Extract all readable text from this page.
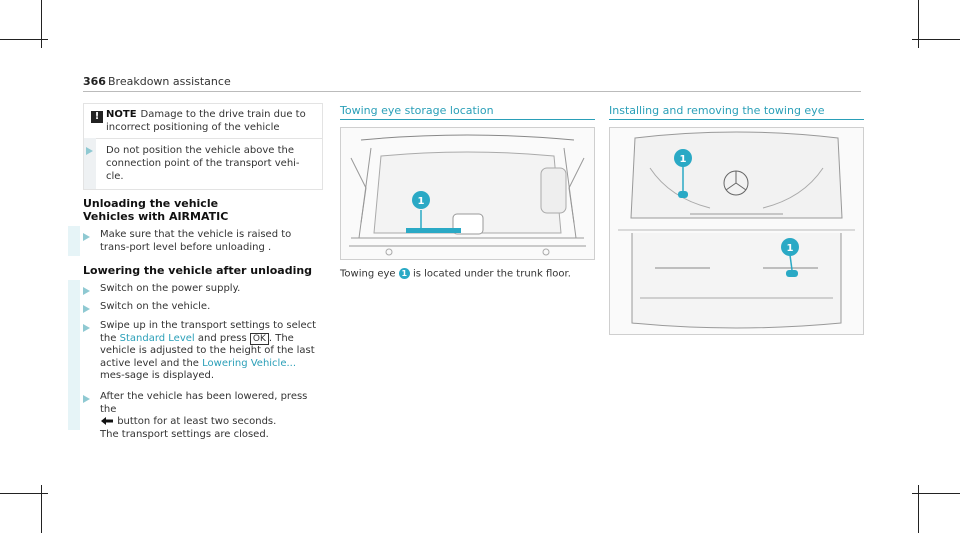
366 Breakdown assistance
! NOTE Damage to the drive train due to incorrect positioning of the vehicle
Do not position the vehicle above the connection point of the transport vehi-cle.
Unloading the vehicle
Vehicles with AIRMATIC
Make sure that the vehicle is raised to trans-port level before unloading .
Lowering the vehicle after unloading
Switch on the power supply.
Switch on the vehicle.
Swipe up in the transport settings to select the Standard Level and press OK . The vehicle is adjusted to the height of the last active level and the Lowering Vehicle... mes-sage is displayed.
After the vehicle has been lowered, press the
button for at least two seconds.
The transport settings are closed.
Towing eye storage location
1
Towing eye 1 is located under the trunk floor.
Installing and removing the towing eye
1
1
